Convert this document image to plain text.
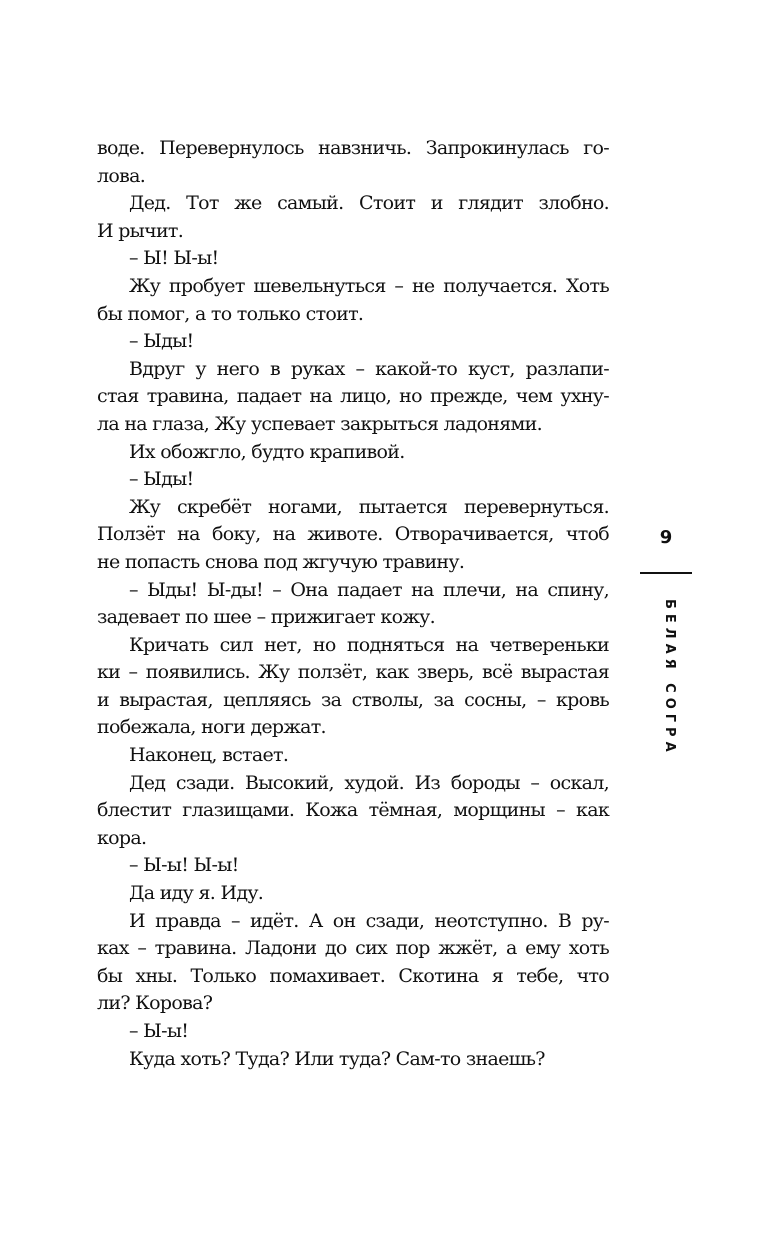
воде. Перевернулось навзничь. Запрокинулась го-
лова.
Дед. Тот же самый. Стоит и глядит злобно.
И рычит.
– Ы! Ы-ы!
Жу пробует шевельнуться – не получается. Хоть
бы помог, а то только стоит.
– Ыды!
Вдруг у него в руках – какой-то куст, разлапи-
стая травина, падает на лицо, но прежде, чем ухну-
ла на глаза, Жу успевает закрыться ладонями.
Их обожгло, будто крапивой.
– Ыды!
Жу скребёт ногами, пытается перевернуться.
Ползёт на боку, на животе. Отворачивается, чтоб
не попасть снова под жгучую травину.
– Ыды! Ы-ды! – Она падает на плечи, на спину,
задевает по шее – прижигает кожу.
Кричать сил нет, но подняться на четвереньки
ки – появились. Жу ползёт, как зверь, всё вырастая
и вырастая, цепляясь за стволы, за сосны, – кровь
побежала, ноги держат.
Наконец, встает.
Дед сзади. Высокий, худой. Из бороды – оскал,
блестит глазищами. Кожа тёмная, морщины – как
кора.
– Ы-ы! Ы-ы!
Да иду я. Иду.
И правда – идёт. А он сзади, неотступно. В ру-
ках – травина. Ладони до сих пор жжёт, а ему хоть
бы хны. Только помахивает. Скотина я тебе, что
ли? Корова?
– Ы-ы!
Куда хоть? Туда? Или туда? Сам-то знаешь?
9
БЕЛАЯ СОГРА
